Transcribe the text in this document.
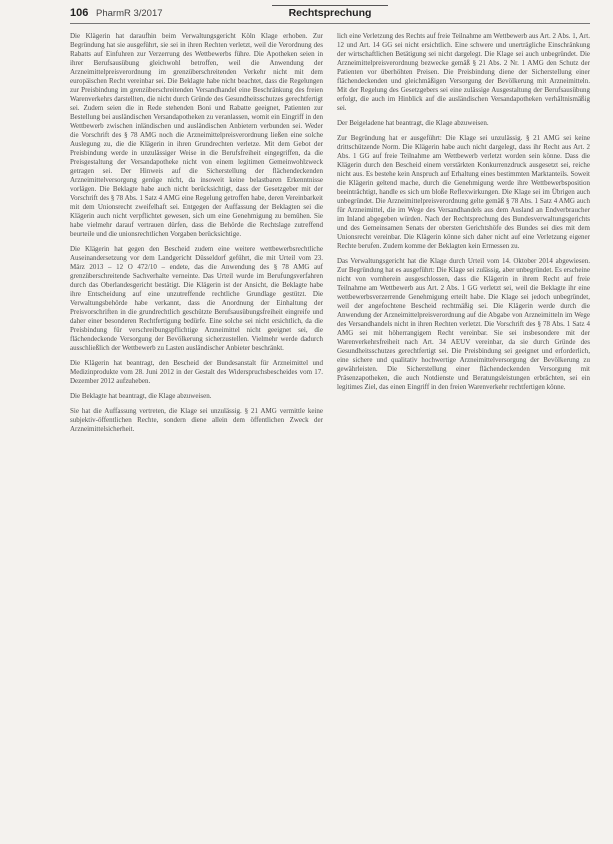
106 PharmR 3/2017	Rechtsprechung

Die Klägerin hat daraufhin beim Verwaltungsgericht Köln Klage erhoben. Zur Begründung hat sie ausgeführt, sie sei in ihren Rechten verletzt, weil die Verordnung des Rabatts auf Einfuhren zur Verzerrung des Wettbewerbs führe. Die Apotheken seien in ihrer Berufsausübung gleichwohl betroffen, weil die Anwendung der Arzneimittelpreisverordnung im grenzüberschreitenden Verkehr nicht mit dem europäischen Recht vereinbar sei. Die Beklagte habe nicht beachtet, dass die Regelungen zur Preisbindung im grenzüberschreitenden Versandhandel eine Beschränkung des freien Warenverkehrs darstellten, die nicht durch Gründe des Gesundheitsschutzes gerechtfertigt sei. Zudem seien die in Rede stehenden Boni und Rabatte geeignet, Patienten zur Bestellung bei ausländischen Versandapotheken zu veranlassen, womit ein Eingriff in den Wettbewerb zwischen inländischen und ausländischen Anbietern verbunden sei. Weder die Vorschrift des § 78 AMG noch die Arzneimittelpreisverordnung ließen eine solche Auslegung zu, die die Klägerin in ihren Grundrechten verletze. Mit dem Gebot der Preisbindung werde in unzulässiger Weise in die Berufsfreiheit eingegriffen, da die Preisgestaltung der Versandapotheke nicht von einem legitimen Gemeinwohlzweck getragen sei. Der Hinweis auf die Sicherstellung der flächendeckenden Arzneimittelversorgung genüge nicht, da insoweit keine belastbaren Erkenntnisse vorlägen. Die Beklagte habe auch nicht berücksichtigt, dass der Gesetzgeber mit der Vorschrift des § 78 Abs. 1 Satz 4 AMG eine Regelung getroffen habe, deren Vereinbarkeit mit dem Unionsrecht zweifelhaft sei. Entgegen der Auffassung der Beklagten sei die Klägerin auch nicht verpflichtet gewesen, sich um eine Genehmigung zu bemühen. Sie habe vielmehr darauf vertrauen dürfen, dass die Behörde die Rechtslage zutreffend beurteile und die unionsrechtlichen Vorgaben berücksichtige.

Die Klägerin hat gegen den Bescheid zudem eine weitere wettbewerbsrechtliche Auseinandersetzung vor dem Landgericht Düsseldorf geführt, die mit Urteil vom 23. März 2013 – 12 O 472/10 – endete, das die Anwendung des § 78 AMG auf grenzüberschreitende Sachverhalte verneinte. Das Urteil wurde im Berufungsverfahren durch das Oberlandesgericht bestätigt. Die Klägerin ist der Ansicht, die Beklagte habe ihre Entscheidung auf eine unzutreffende rechtliche Grundlage gestützt. Die Verwaltungsbehörde habe verkannt, dass die Anordnung der Einhaltung der Preisvorschriften in die grundrechtlich geschützte Berufsausübungsfreiheit eingreife und daher einer besonderen Rechtfertigung bedürfe. Eine solche sei nicht ersichtlich, da die Preisbindung für verschreibungspflichtige Arzneimittel nicht geeignet sei, die flächendeckende Versorgung der Bevölkerung sicherzustellen. Vielmehr werde dadurch ausschließlich der Wettbewerb zu Lasten ausländischer Anbieter beschränkt.

Die Klägerin hat beantragt, den Bescheid der Bundesanstalt für Arzneimittel und Medizinprodukte vom 28. Juni 2012 in der Gestalt des Widerspruchsbescheides vom 17. Dezember 2012 aufzuheben.

Die Beklagte hat beantragt, die Klage abzuweisen.

Sie hat die Auffassung vertreten, die Klage sei unzulässig. § 21 AMG vermittle keine subjektiv-öffentlichen Rechte, sondern diene allein dem öffentlichen Zweck der Arzneimittelsicherheit.

lich eine Verletzung des Rechts auf freie Teilnahme am Wettbewerb aus Art. 2 Abs. 1, Art. 12 und Art. 14 GG sei nicht ersichtlich. Eine schwere und unerträgliche Einschränkung der wirtschaftlichen Betätigung sei nicht dargelegt. Die Klage sei auch unbegründet. Die Arzneimittelpreisverordnung bezwecke gemäß § 21 Abs. 2 Nr. 1 AMG den Schutz der Patienten vor überhöhten Preisen. Die Preisbindung diene der Sicherstellung einer flächendeckenden und gleichmäßigen Versorgung der Bevölkerung mit Arzneimitteln. Mit der Regelung des Gesetzgebers sei eine zulässige Ausgestaltung der Berufsausübung erfolgt, die auch im Hinblick auf die ausländischen Versandapotheken verhältnismäßig sei.

Der Beigeladene hat beantragt, die Klage abzuweisen.

Zur Begründung hat er ausgeführt: Die Klage sei unzulässig. § 21 AMG sei keine drittschützende Norm. Die Klägerin habe auch nicht dargelegt, dass ihr Recht aus Art. 2 Abs. 1 GG auf freie Teilnahme am Wettbewerb verletzt worden sein könne. Dass die Klägerin durch den Bescheid einem verstärkten Konkurrenzdruck ausgesetzt sei, reiche nicht aus. Es bestehe kein Anspruch auf Erhaltung eines bestimmten Marktanteils. Soweit die Klägerin geltend mache, durch die Genehmigung werde ihre Wettbewerbsposition beeinträchtigt, handle es sich um bloße Reflexwirkungen. Die Klage sei im Übrigen auch unbegründet. Die Arzneimittelpreisverordnung gelte gemäß § 78 Abs. 1 Satz 4 AMG auch für Arzneimittel, die im Wege des Versandhandels aus dem Ausland an Endverbraucher im Inland abgegeben würden. Nach der Rechtsprechung des Bundesverwaltungsgerichts und des Gemeinsamen Senats der obersten Gerichtshöfe des Bundes sei dies mit dem Unionsrecht vereinbar. Die Klägerin könne sich daher nicht auf eine Verletzung eigener Rechte berufen. Zudem komme der Beklagten kein Ermessen zu.

Das Verwaltungsgericht hat die Klage durch Urteil vom 14. Oktober 2014 abgewiesen. Zur Begründung hat es ausgeführt: Die Klage sei zulässig, aber unbegründet. Es erscheine nicht von vornherein ausgeschlossen, dass die Klägerin in ihrem Recht auf freie Teilnahme am Wettbewerb aus Art. 2 Abs. 1 GG verletzt sei, weil die Beklagte ihr eine wettbewerbsverzerrende Genehmigung erteilt habe. Die Klage sei jedoch unbegründet, weil der angefochtene Bescheid rechtmäßig sei. Die Klägerin werde durch die Anwendung der Arzneimittelpreisverordnung auf die Abgabe von Arzneimitteln im Wege des Versandhandels nicht in ihren Rechten verletzt. Die Vorschrift des § 78 Abs. 1 Satz 4 AMG sei mit höherrangigem Recht vereinbar. Sie sei insbesondere mit der Warenverkehrsfreiheit nach Art. 34 AEUV vereinbar, da sie durch Gründe des Gesundheitsschutzes gerechtfertigt sei. Die Preisbindung sei geeignet und erforderlich, eine sichere und qualitativ hochwertige Arzneimittelversorgung der Bevölkerung zu gewährleisten. Die Sicherstellung einer flächendeckenden Versorgung mit Präsenzapotheken, die auch Notdienste und Beratungsleistungen erbrächten, sei ein legitimes Ziel, das einen Eingriff in den freien Warenverkehr rechtfertigen könne.
